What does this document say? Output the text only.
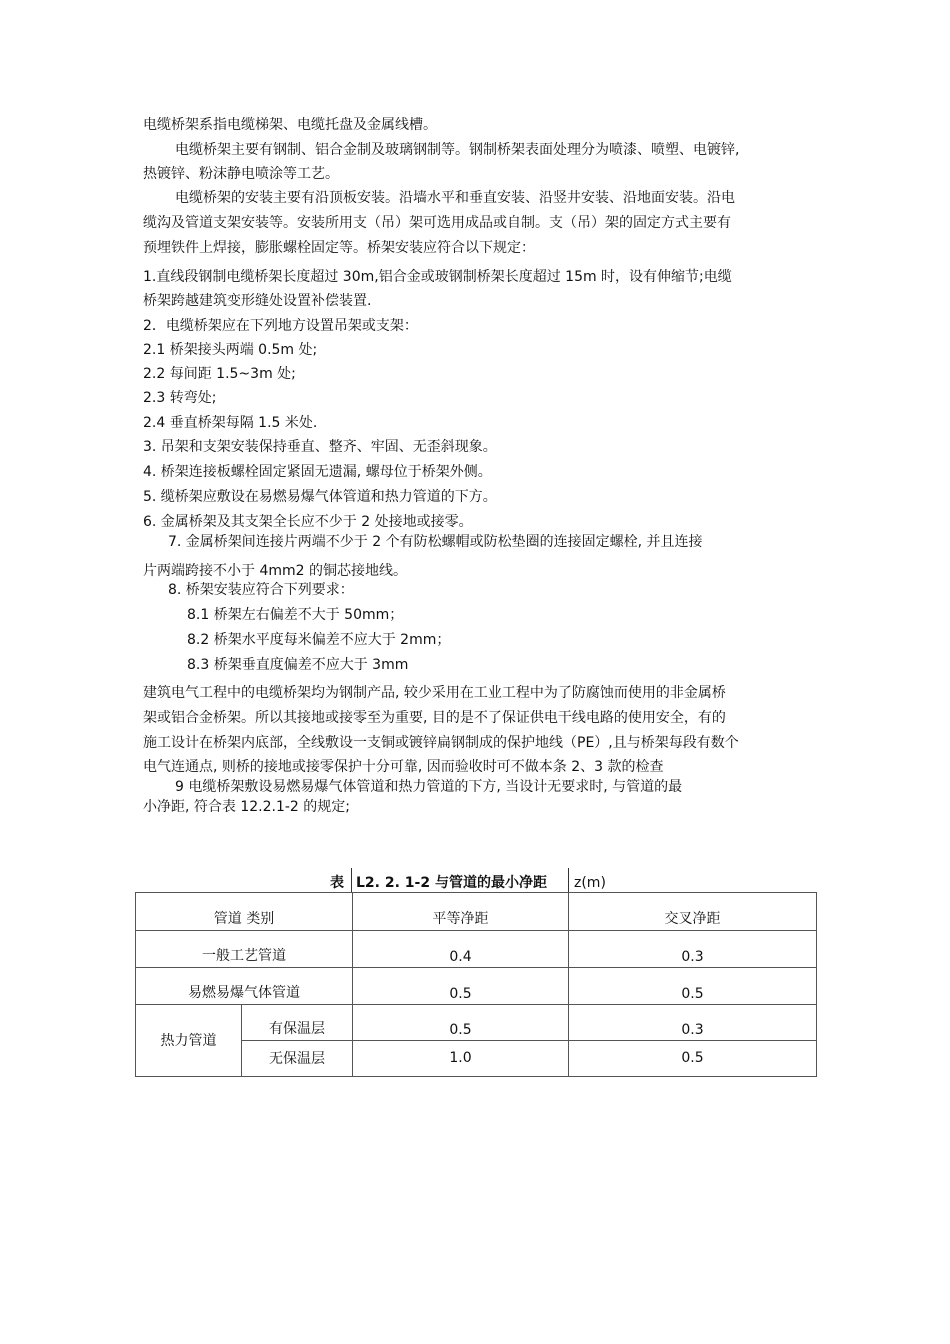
电缆桥架系指电缆梯架、电缆托盘及金属线槽。
电缆桥架主要有钢制、铝合金制及玻璃钢制等。钢制桥架表面处理分为喷漆、喷塑、电镀锌,
热镀锌、粉沫静电喷涂等工艺。
电缆桥架的安装主要有沿顶板安装。沿墙水平和垂直安装、沿竖井安装、沿地面安装。沿电
缆沟及管道支架安装等。安装所用支（吊）架可选用成品或自制。支（吊）架的固定方式主要有
预埋铁件上焊接，膨胀螺栓固定等。桥架安装应符合以下规定：
1.直线段钢制电缆桥架长度超过 30m,铝合金或玻钢制桥架长度超过 15m 时，设有伸缩节;电缆
桥架跨越建筑变形缝处设置补偿装置.
2．电缆桥架应在下列地方设置吊架或支架：
2.1 桥架接头两端 0.5m 处;
2.2 每间距 1.5~3m 处;
2.3 转弯处;
2.4 垂直桥架每隔 1.5 米处.
3. 吊架和支架安装保持垂直、整齐、牢固、无歪斜现象。
4. 桥架连接板螺栓固定紧固无遗漏, 螺母位于桥架外侧。
5. 缆桥架应敷设在易燃易爆气体管道和热力管道的下方。
6. 金属桥架及其支架全长应不少于 2 处接地或接零。
7. 金属桥架间连接片两端不少于 2 个有防松螺帽或防松垫圈的连接固定螺栓, 并且连接
片两端跨接不小于 4mm2 的铜芯接地线。
8. 桥架安装应符合下列要求：
8.1 桥架左右偏差不大于 50mm；
8.2 桥架水平度每米偏差不应大于 2mm；
8.3 桥架垂直度偏差不应大于 3mm
建筑电气工程中的电缆桥架均为钢制产品, 较少采用在工业工程中为了防腐蚀而使用的非金属桥
架或铝合金桥架。所以其接地或接零至为重要, 目的是不了保证供电干线电路的使用安全，有的
施工设计在桥架内底部，全线敷设一支铜或镀锌扁钢制成的保护地线（PE）,且与桥架每段有数个
电气连通点, 则桥的接地或接零保护十分可靠, 因而验收时可不做本条 2、3 款的检查
9 电缆桥架敷设易燃易爆气体管道和热力管道的下方, 当设计无要求时, 与管道的最
小净距, 符合表 12.2.1-2 的规定;
表 L2. 2. 1-2 与管道的最小净距 z(m)
管道 类别		平等净距	交叉净距
一般工艺管道		0.4	0.3
易燃易爆气体管道		0.5	0.5
热力管道	有保温层	0.5	0.3
	无保温层	1.0	0.5
